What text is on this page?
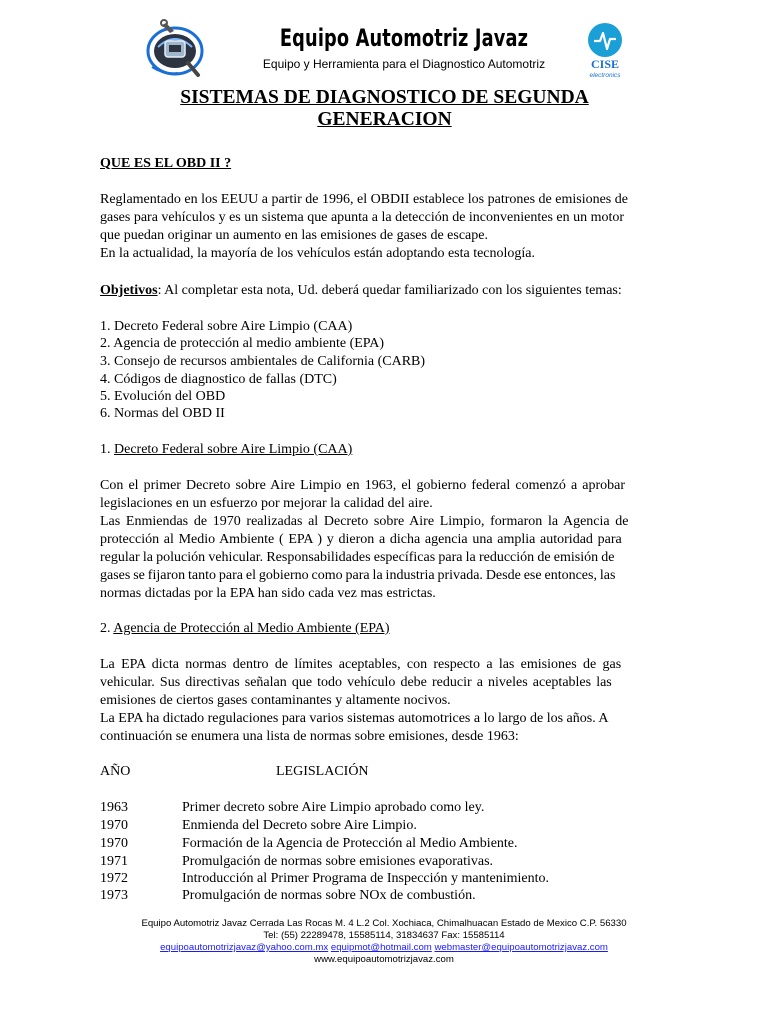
Equipo Automotriz Javaz
Equipo y Herramienta para el Diagnostico Automotriz	CISE
electronics
SISTEMAS DE DIAGNOSTICO DE SEGUNDA
GENERACION
QUE ES EL OBD II ?
Reglamentado en los EEUU a partir de 1996, el OBDII establece los patrones de emisiones de
gases para vehículos y es un sistema que apunta a la detección de inconvenientes en un motor
que puedan originar un aumento en las emisiones de gases de escape.
En la actualidad, la mayoría de los vehículos están adoptando esta tecnología.
Objetivos: Al completar esta nota, Ud. deberá quedar familiarizado con los siguientes temas:
1. Decreto Federal sobre Aire Limpio (CAA)
2. Agencia de protección al medio ambiente (EPA)
3. Consejo de recursos ambientales de California (CARB)
4. Códigos de diagnostico de fallas (DTC)
5. Evolución del OBD
6. Normas del OBD II
1. Decreto Federal sobre Aire Limpio (CAA)
Con el primer Decreto sobre Aire Limpio en 1963, el gobierno federal comenzó a aprobar
legislaciones en un esfuerzo por mejorar la calidad del aire.
Las Enmiendas de 1970 realizadas al Decreto sobre Aire Limpio, formaron la Agencia de
protección al Medio Ambiente ( EPA ) y dieron a dicha agencia una amplia autoridad para
regular la polución vehicular. Responsabilidades específicas para la reducción de emisión de
gases se fijaron tanto para el gobierno como para la industria privada. Desde ese entonces, las
normas dictadas por la EPA han sido cada vez mas estrictas.
2. Agencia de Protección al Medio Ambiente (EPA)
La EPA dicta normas dentro de límites aceptables, con respecto a las emisiones de gas
vehicular. Sus directivas señalan que todo vehículo debe reducir a niveles aceptables las
emisiones de ciertos gases contaminantes y altamente nocivos.
La EPA ha dictado regulaciones para varios sistemas automotrices a lo largo de los años. A
continuación se enumera una lista de normas sobre emisiones, desde 1963:
AÑO	LEGISLACIÓN
1963	Primer decreto sobre Aire Limpio aprobado como ley.
1970	Enmienda del Decreto sobre Aire Limpio.
1970	Formación de la Agencia de Protección al Medio Ambiente.
1971	Promulgación de normas sobre emisiones evaporativas.
1972	Introducción al Primer Programa de Inspección y mantenimiento.
1973	Promulgación de normas sobre NOx de combustión.
Equipo Automotriz Javaz Cerrada Las Rocas M. 4 L.2 Col. Xochiaca, Chimalhuacan Estado de Mexico C.P. 56330
Tel: (55) 22289478, 15585114, 31834637 Fax: 15585114
equipoautomotrizjavaz@yahoo.com.mx equipmot@hotmail.com webmaster@equipoautomotrizjavaz.com
www.equipoautomotrizjavaz.com
